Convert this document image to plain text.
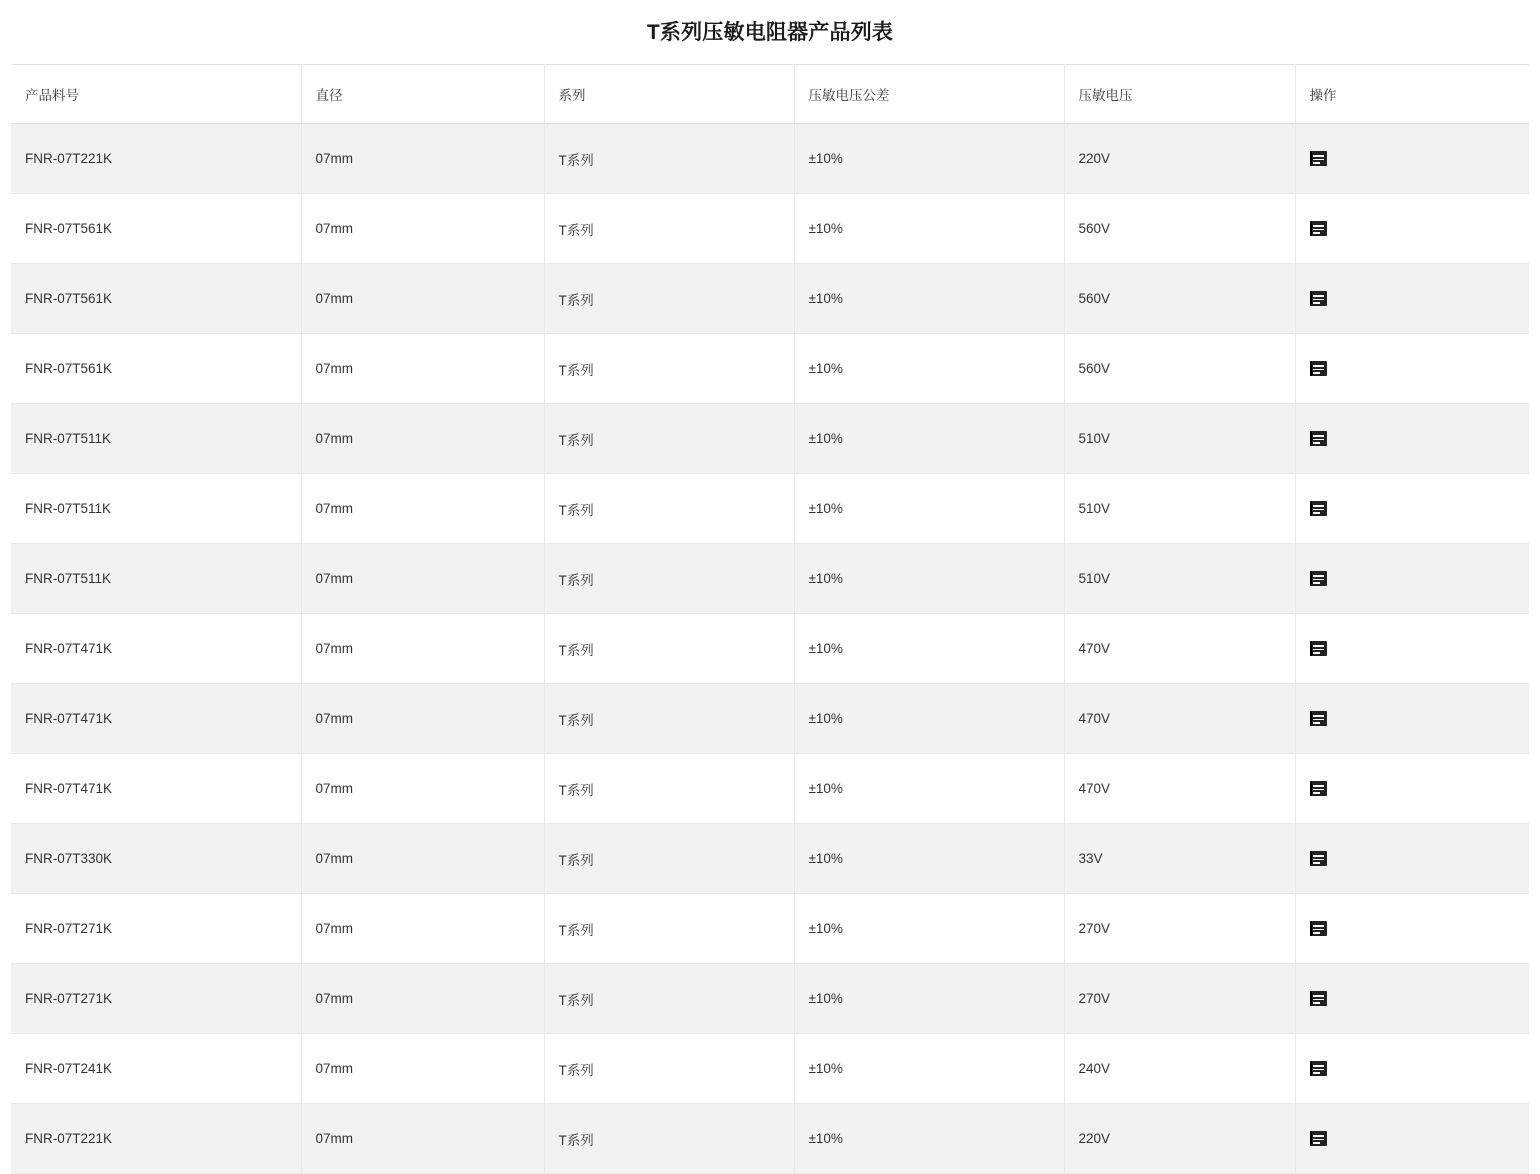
T系列压敏电阻器产品列表
产品料号	直径	系列	压敏电压公差	压敏电压	操作
FNR-07T221K	07mm	T系列	±10%	220V	

FNR-07T561K	07mm	T系列	±10%	560V	

FNR-07T561K	07mm	T系列	±10%	560V	

FNR-07T561K	07mm	T系列	±10%	560V	

FNR-07T511K	07mm	T系列	±10%	510V	

FNR-07T511K	07mm	T系列	±10%	510V	

FNR-07T511K	07mm	T系列	±10%	510V	

FNR-07T471K	07mm	T系列	±10%	470V	

FNR-07T471K	07mm	T系列	±10%	470V	

FNR-07T471K	07mm	T系列	±10%	470V	

FNR-07T330K	07mm	T系列	±10%	33V	

FNR-07T271K	07mm	T系列	±10%	270V	

FNR-07T271K	07mm	T系列	±10%	270V	

FNR-07T241K	07mm	T系列	±10%	240V	

FNR-07T221K	07mm	T系列	±10%	220V	
